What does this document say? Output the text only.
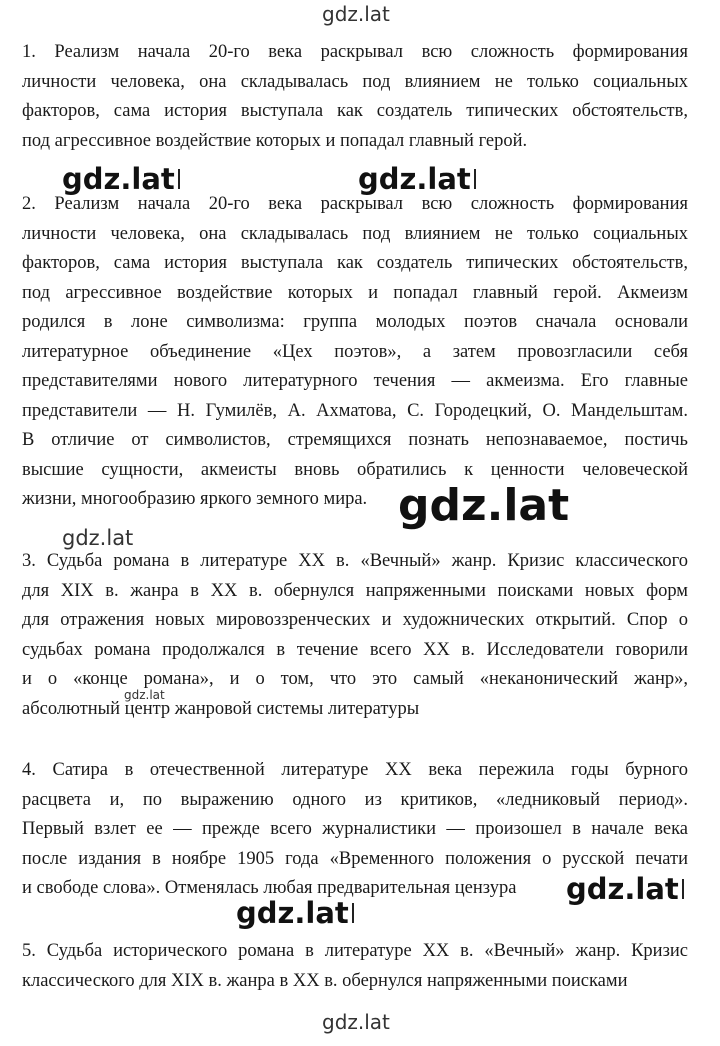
1. Реализм начала 20-го века раскрывал всю сложность формирования
личности человека, она складывалась под влиянием не только социальных
факторов, сама история выступала как создатель типических обстоятельств,
под агрессивное воздействие которых и попадал главный герой.
2. Реализм начала 20-го века раскрывал всю сложность формирования
личности человека, она складывалась под влиянием не только социальных
факторов, сама история выступала как создатель типических обстоятельств,
под агрессивное воздействие которых и попадал главный герой. Акмеизм
родился в лоне символизма: группа молодых поэтов сначала основали
литературное объединение «Цех поэтов», а затем провозгласили себя
представителями нового литературного течения — акмеизма. Его главные
представители — Н. Гумилёв, А. Ахматова, С. Городецкий, О. Мандельштам.
В отличие от символистов, стремящихся познать непознаваемое, постичь
высшие сущности, акмеисты вновь обратились к ценности человеческой
жизни, многообразию яркого земного мира.
3. Судьба романа в литературе XX в. «Вечный» жанр. Кризис классического
для XIX в. жанра в XX в. обернулся напряженными поисками новых форм
для отражения новых мировоззренческих и художнических открытий. Спор о
судьбах романа продолжался в течение всего XX в. Исследователи говорили
и о «конце романа», и о том, что это самый «неканонический жанр»,
абсолютный центр жанровой системы литературы
4. Сатира в отечественной литературе XX века пережила годы бурного
расцвета и, по выражению одного из критиков, «ледниковый период».
Первый взлет ее — прежде всего журналистики — произошел в начале века
после издания в ноябре 1905 года «Временного положения о русской печати
и свободе слова». Отменялась любая предварительная цензура
5. Судьба исторического романа в литературе XX в. «Вечный» жанр. Кризис
классического для XIX в. жанра в XX в. обернулся напряженными поисками
gdz.lat
gdz.lat	gdz.lat
gdz.lat
gdz.lat
gdz.lat
gdz.lat
gdz.lat
gdz.lat
